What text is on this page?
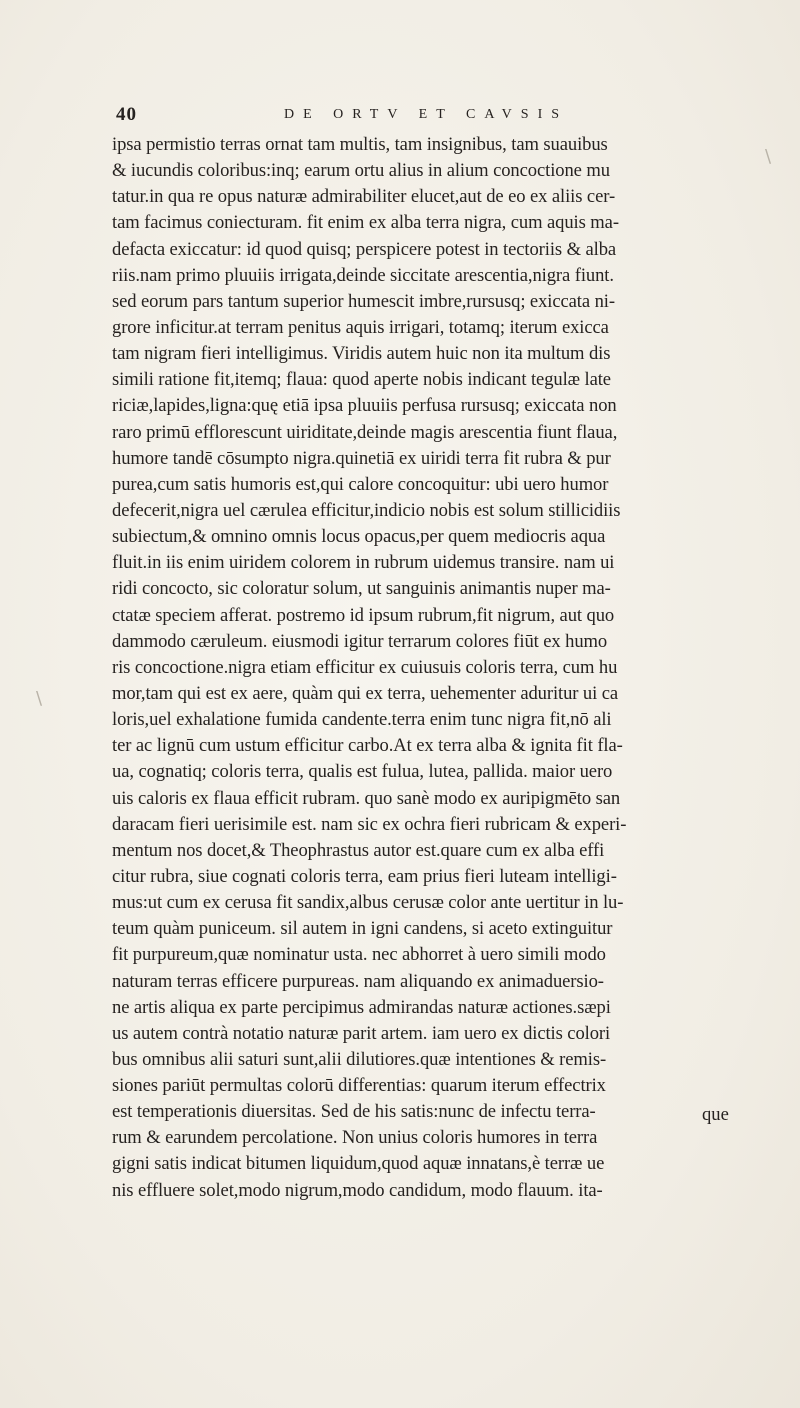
40	DE ORTV ET CAVSIS
ipsa permistio terras ornat tam multis, tam insignibus, tam suauibus
& iucundis coloribus:inq; earum ortu alius in alium concoctione mu
tatur.in qua re opus naturæ admirabiliter elucet,aut de eo ex aliis cer-
tam facimus coniecturam. fit enim ex alba terra nigra, cum aquis ma-
defacta exiccatur: id quod quisq; perspicere potest in tectoriis & alba
riis.nam primo pluuiis irrigata,deinde siccitate arescentia,nigra fiunt.
sed eorum pars tantum superior humescit imbre,rursusq; exiccata ni-
grore inficitur.at terram penitus aquis irrigari, totamq; iterum exicca
tam nigram fieri intelligimus. Viridis autem huic non ita multum dis
simili ratione fit,itemq; flaua: quod aperte nobis indicant tegulæ late
riciæ,lapides,ligna:quę etiā ipsa pluuiis perfusa rursusq; exiccata non
raro primū efflorescunt uiriditate,deinde magis arescentia fiunt flaua,
humore tandē cōsumpto nigra.quinetiā ex uiridi terra fit rubra & pur
purea,cum satis humoris est,qui calore concoquitur: ubi uero humor
defecerit,nigra uel cærulea efficitur,indicio nobis est solum stillicidiis
subiectum,& omnino omnis locus opacus,per quem mediocris aqua
fluit.in iis enim uiridem colorem in rubrum uidemus transire. nam ui
ridi concocto, sic coloratur solum, ut sanguinis animantis nuper ma-
ctatæ speciem afferat. postremo id ipsum rubrum,fit nigrum, aut quo
dammodo cæruleum. eiusmodi igitur terrarum colores fiūt ex humo
ris concoctione.nigra etiam efficitur ex cuiusuis coloris terra, cum hu
mor,tam qui est ex aere, quàm qui ex terra, uehementer aduritur ui ca
loris,uel exhalatione fumida candente.terra enim tunc nigra fit,nō ali
ter ac lignū cum ustum efficitur carbo.At ex terra alba & ignita fit fla-
ua, cognatiq; coloris terra, qualis est fulua, lutea, pallida. maior uero
uis caloris ex flaua efficit rubram. quo sanè modo ex auripigmēto san
daracam fieri uerisimile est. nam sic ex ochra fieri rubricam & experi-
mentum nos docet,& Theophrastus autor est.quare cum ex alba effi
citur rubra, siue cognati coloris terra, eam prius fieri luteam intelligi-
mus:ut cum ex cerusa fit sandix,albus cerusæ color ante uertitur in lu-
teum quàm puniceum. sil autem in igni candens, si aceto extinguitur
fit purpureum,quæ nominatur usta. nec abhorret à uero simili modo
naturam terras efficere purpureas. nam aliquando ex animaduersio-
ne artis aliqua ex parte percipimus admirandas naturæ actiones.sæpi
us autem contrà notatio naturæ parit artem. iam uero ex dictis colori
bus omnibus alii saturi sunt,alii dilutiores.quæ intentiones & remis-
siones pariūt permultas colorū differentias: quarum iterum effectrix
est temperationis diuersitas. Sed de his satis:nunc de infectu terra-
rum & earundem percolatione. Non unius coloris humores in terra
gigni satis indicat bitumen liquidum,quod aquæ innatans,è terræ ue
nis effluere solet,modo nigrum,modo candidum, modo flauum. ita-
que
\
\
